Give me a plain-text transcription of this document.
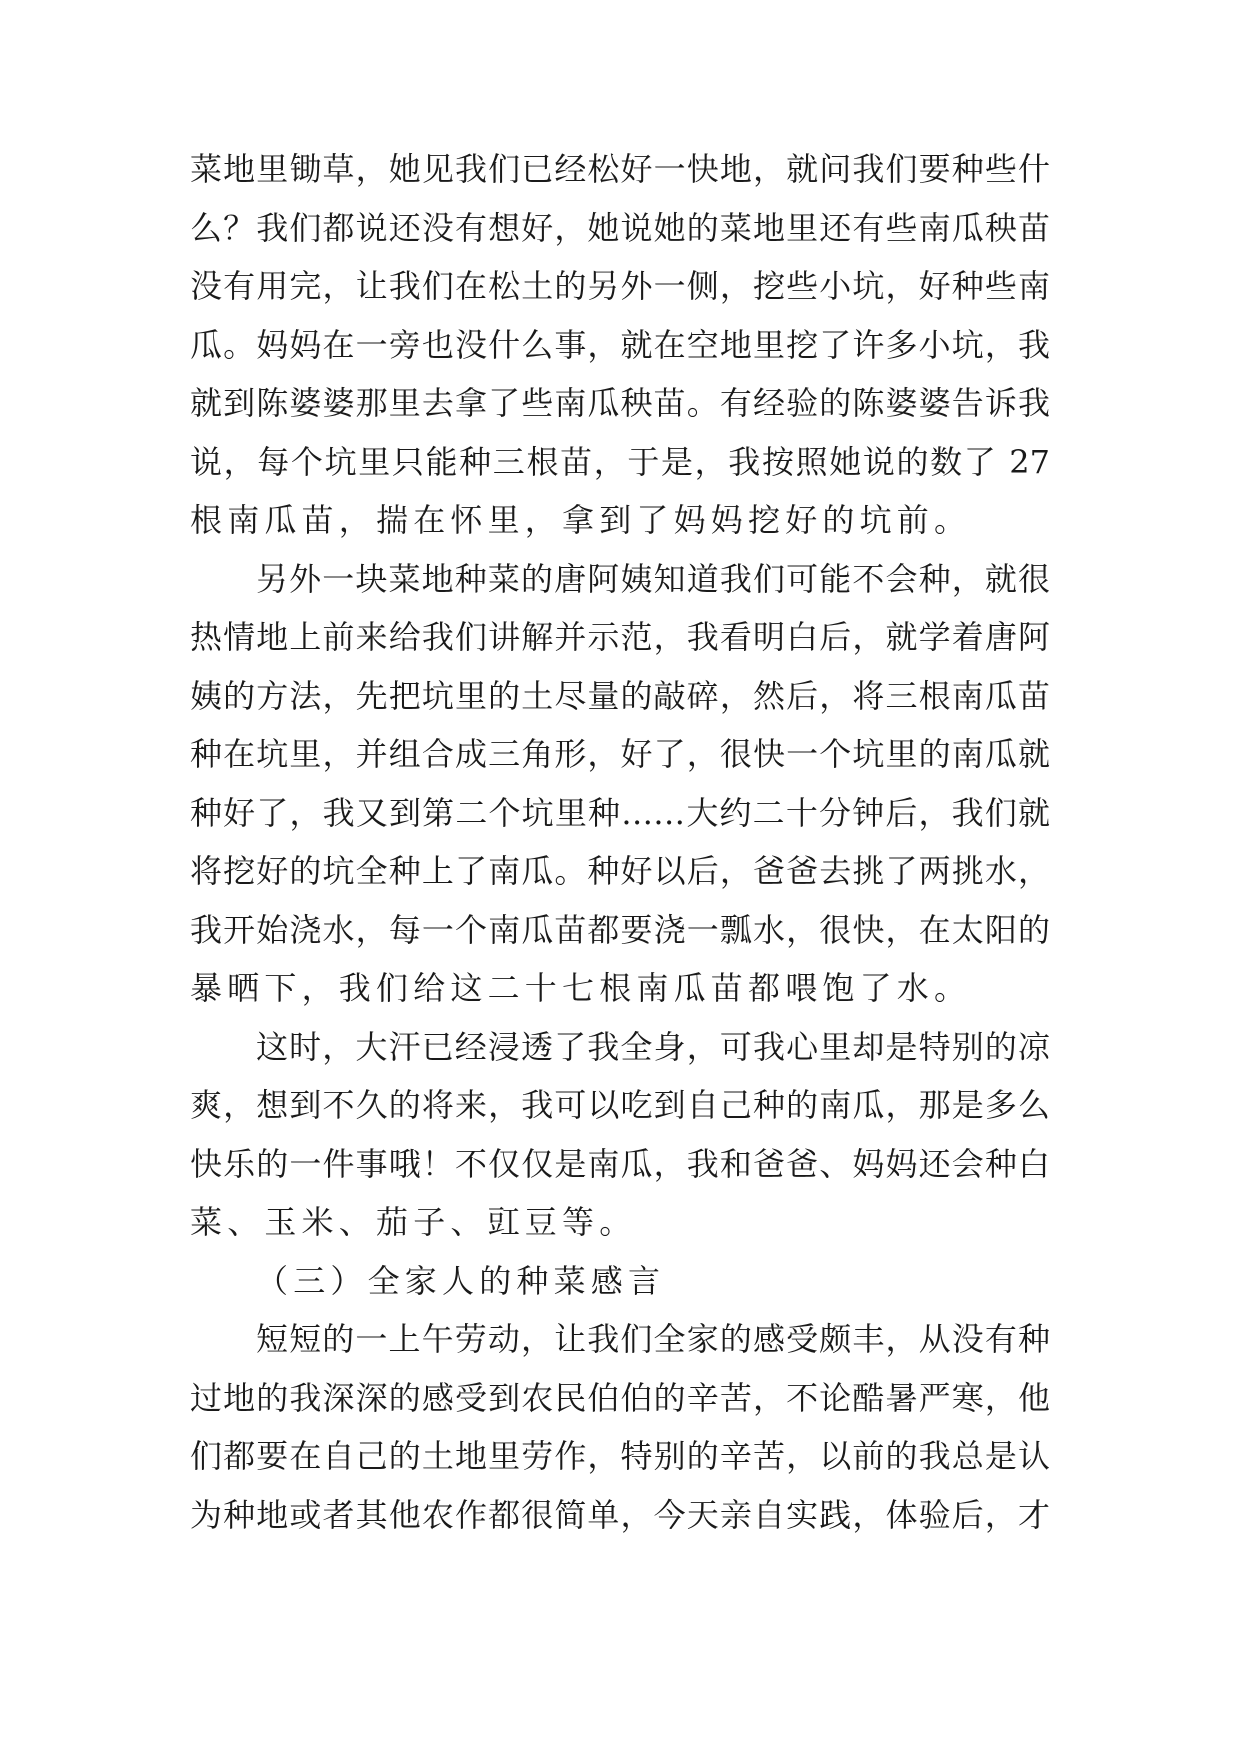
菜地里锄草，她见我们已经松好一快地，就问我们要种些什
么？我们都说还没有想好，她说她的菜地里还有些南瓜秧苗
没有用完，让我们在松土的另外一侧，挖些小坑，好种些南
瓜。妈妈在一旁也没什么事，就在空地里挖了许多小坑，我
就到陈婆婆那里去拿了些南瓜秧苗。有经验的陈婆婆告诉我
说，每个坑里只能种三根苗，于是，我按照她说的数了 27
根南瓜苗，揣在怀里，拿到了妈妈挖好的坑前。
另外一块菜地种菜的唐阿姨知道我们可能不会种，就很
热情地上前来给我们讲解并示范，我看明白后，就学着唐阿
姨的方法，先把坑里的土尽量的敲碎，然后，将三根南瓜苗
种在坑里，并组合成三角形，好了，很快一个坑里的南瓜就
种好了，我又到第二个坑里种……大约二十分钟后，我们就
将挖好的坑全种上了南瓜。种好以后，爸爸去挑了两挑水，
我开始浇水，每一个南瓜苗都要浇一瓢水，很快，在太阳的
暴晒下，我们给这二十七根南瓜苗都喂饱了水。
这时，大汗已经浸透了我全身，可我心里却是特别的凉
爽，想到不久的将来，我可以吃到自己种的南瓜，那是多么
快乐的一件事哦！不仅仅是南瓜，我和爸爸、妈妈还会种白
菜、玉米、茄子、豇豆等。
（三）全家人的种菜感言
短短的一上午劳动，让我们全家的感受颇丰，从没有种
过地的我深深的感受到农民伯伯的辛苦，不论酷暑严寒，他
们都要在自己的土地里劳作，特别的辛苦，以前的我总是认
为种地或者其他农作都很简单，今天亲自实践，体验后，才
